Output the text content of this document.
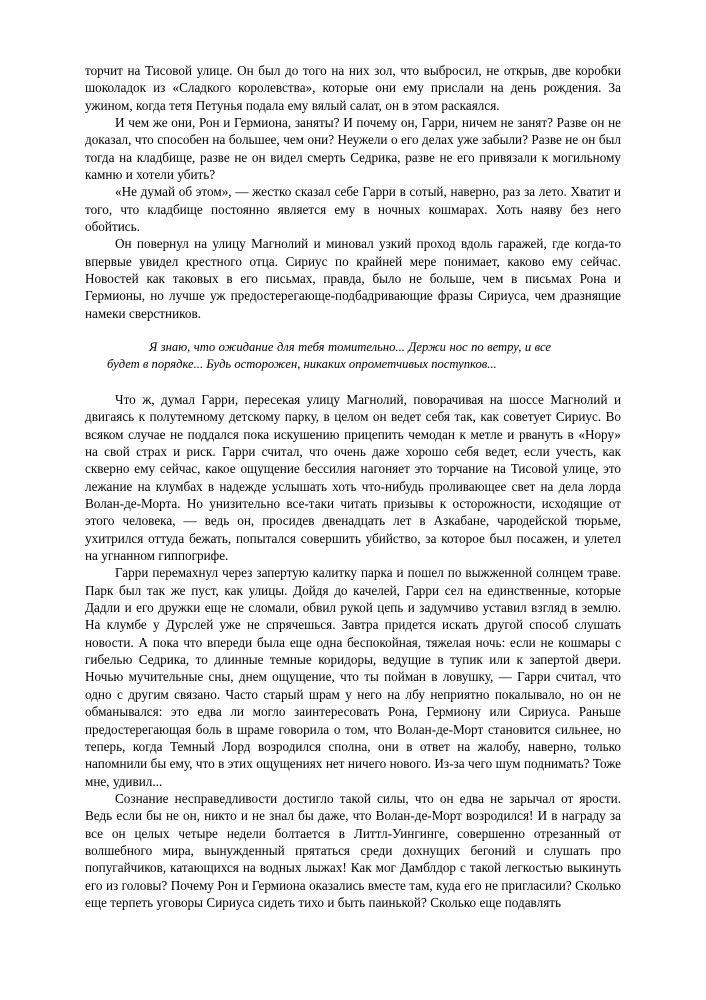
торчит на Тисовой улице. Он был до того на них зол, что выбросил, не открыв, две коробки шоколадок из «Сладкого королевства», которые они ему прислали на день рождения. За ужином, когда тетя Петунья подала ему вялый салат, он в этом раскаялся.

И чем же они, Рон и Гермиона, заняты? И почему он, Гарри, ничем не занят? Разве он не доказал, что способен на большее, чем они? Неужели о его делах уже забыли? Разве не он был тогда на кладбище, разве не он видел смерть Седрика, разве не его привязали к могильному камню и хотели убить?

«Не думай об этом», — жестко сказал себе Гарри в сотый, наверно, раз за лето. Хватит и того, что кладбище постоянно является ему в ночных кошмарах. Хоть наяву без него обойтись.

Он повернул на улицу Магнолий и миновал узкий проход вдоль гаражей, где когда-то впервые увидел крестного отца. Сириус по крайней мере понимает, каково ему сейчас. Новостей как таковых в его письмах, правда, было не больше, чем в письмах Рона и Гермионы, но лучше уж предостерегающе-подбадривающие фразы Сириуса, чем дразнящие намеки сверстников.

Я знаю, что ожидание для тебя томительно... Держи нос по ветру, и все будет в порядке... Будь осторожен, никаких опрометчивых поступков...

Что ж, думал Гарри, пересекая улицу Магнолий, поворачивая на шоссе Магнолий и двигаясь к полутемному детскому парку, в целом он ведет себя так, как советует Сириус. Во всяком случае не поддался пока искушению прицепить чемодан к метле и рвануть в «Нору» на свой страх и риск. Гарри считал, что очень даже хорошо себя ведет, если учесть, как скверно ему сейчас, какое ощущение бессилия нагоняет это торчание на Тисовой улице, это лежание на клумбах в надежде услышать хоть что-нибудь проливающее свет на дела лорда Волан-де-Морта. Но унизительно все-таки читать призывы к осторожности, исходящие от этого человека, — ведь он, просидев двенадцать лет в Азкабане, чародейской тюрьме, ухитрился оттуда бежать, попытался совершить убийство, за которое был посажен, и улетел на угнанном гиппогрифе.

Гарри перемахнул через запертую калитку парка и пошел по выжженной солнцем траве. Парк был так же пуст, как улицы. Дойдя до качелей, Гарри сел на единственные, которые Дадли и его дружки еще не сломали, обвил рукой цепь и задумчиво уставил взгляд в землю. На клумбе у Дурслей уже не спрячешься. Завтра придется искать другой способ слушать новости. А пока что впереди была еще одна беспокойная, тяжелая ночь: если не кошмары с гибелью Седрика, то длинные темные коридоры, ведущие в тупик или к запертой двери. Ночью мучительные сны, днем ощущение, что ты пойман в ловушку, — Гарри считал, что одно с другим связано. Часто старый шрам у него на лбу неприятно покалывало, но он не обманывался: это едва ли могло заинтересовать Рона, Гермиону или Сириуса. Раньше предостерегающая боль в шраме говорила о том, что Волан-де-Морт становится сильнее, но теперь, когда Темный Лорд возродился сполна, они в ответ на жалобу, наверно, только напомнили бы ему, что в этих ощущениях нет ничего нового. Из-за чего шум поднимать? Тоже мне, удивил...

Сознание несправедливости достигло такой силы, что он едва не зарычал от ярости. Ведь если бы не он, никто и не знал бы даже, что Волан-де-Морт возродился! И в награду за все он целых четыре недели болтается в Литтл-Уингинге, совершенно отрезанный от волшебного мира, вынужденный прятаться среди дохнущих бегоний и слушать про попугайчиков, катающихся на водных лыжах! Как мог Дамблдор с такой легкостью выкинуть его из головы? Почему Рон и Гермиона оказались вместе там, куда его не пригласили? Сколько еще терпеть уговоры Сириуса сидеть тихо и быть паинькой? Сколько еще подавлять
